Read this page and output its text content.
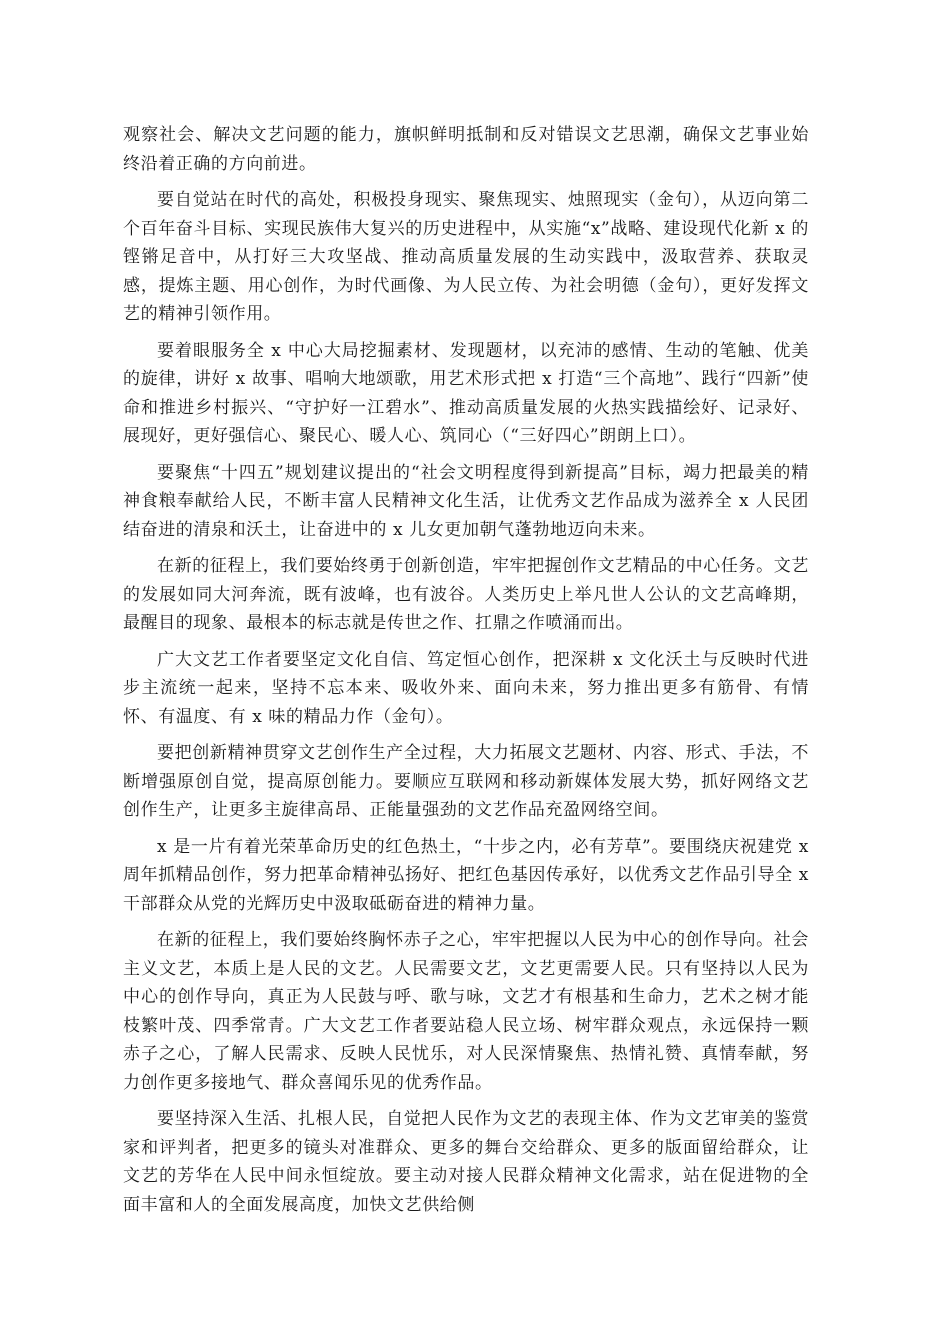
观察社会、解决文艺问题的能力，旗帜鲜明抵制和反对错误文艺思潮，确保文艺事业始终沿着正确的方向前进。

要自觉站在时代的高处，积极投身现实、聚焦现实、烛照现实（金句），从迈向第二个百年奋斗目标、实现民族伟大复兴的历史进程中，从实施“x”战略、建设现代化新 x 的铿锵足音中，从打好三大攻坚战、推动高质量发展的生动实践中，汲取营养、获取灵感，提炼主题、用心创作，为时代画像、为人民立传、为社会明德（金句），更好发挥文艺的精神引领作用。

要着眼服务全 x 中心大局挖掘素材、发现题材，以充沛的感情、生动的笔触、优美的旋律，讲好 x 故事、唱响大地颂歌，用艺术形式把 x 打造“三个高地”、践行“四新”使命和推进乡村振兴、“守护好一江碧水”、推动高质量发展的火热实践描绘好、记录好、展现好，更好强信心、聚民心、暖人心、筑同心（“三好四心”朗朗上口）。

要聚焦“十四五”规划建议提出的“社会文明程度得到新提高”目标，竭力把最美的精神食粮奉献给人民，不断丰富人民精神文化生活，让优秀文艺作品成为滋养全 x 人民团结奋进的清泉和沃土，让奋进中的 x 儿女更加朝气蓬勃地迈向未来。

在新的征程上，我们要始终勇于创新创造，牢牢把握创作文艺精品的中心任务。文艺的发展如同大河奔流，既有波峰，也有波谷。人类历史上举凡世人公认的文艺高峰期，最醒目的现象、最根本的标志就是传世之作、扛鼎之作喷涌而出。

广大文艺工作者要坚定文化自信、笃定恒心创作，把深耕 x 文化沃土与反映时代进步主流统一起来，坚持不忘本来、吸收外来、面向未来，努力推出更多有筋骨、有情怀、有温度、有 x 味的精品力作（金句）。

要把创新精神贯穿文艺创作生产全过程，大力拓展文艺题材、内容、形式、手法，不断增强原创自觉，提高原创能力。要顺应互联网和移动新媒体发展大势，抓好网络文艺创作生产，让更多主旋律高昂、正能量强劲的文艺作品充盈网络空间。

x 是一片有着光荣革命历史的红色热土，“十步之内，必有芳草”。要围绕庆祝建党 x 周年抓精品创作，努力把革命精神弘扬好、把红色基因传承好，以优秀文艺作品引导全 x 干部群众从党的光辉历史中汲取砥砺奋进的精神力量。

在新的征程上，我们要始终胸怀赤子之心，牢牢把握以人民为中心的创作导向。社会主义文艺，本质上是人民的文艺。人民需要文艺，文艺更需要人民。只有坚持以人民为中心的创作导向，真正为人民鼓与呼、歌与咏，文艺才有根基和生命力，艺术之树才能枝繁叶茂、四季常青。广大文艺工作者要站稳人民立场、树牢群众观点，永远保持一颗赤子之心，了解人民需求、反映人民忧乐，对人民深情聚焦、热情礼赞、真情奉献，努力创作更多接地气、群众喜闻乐见的优秀作品。

要坚持深入生活、扎根人民，自觉把人民作为文艺的表现主体、作为文艺审美的鉴赏家和评判者，把更多的镜头对准群众、更多的舞台交给群众、更多的版面留给群众，让文艺的芳华在人民中间永恒绽放。要主动对接人民群众精神文化需求，站在促进物的全面丰富和人的全面发展高度，加快文艺供给侧
